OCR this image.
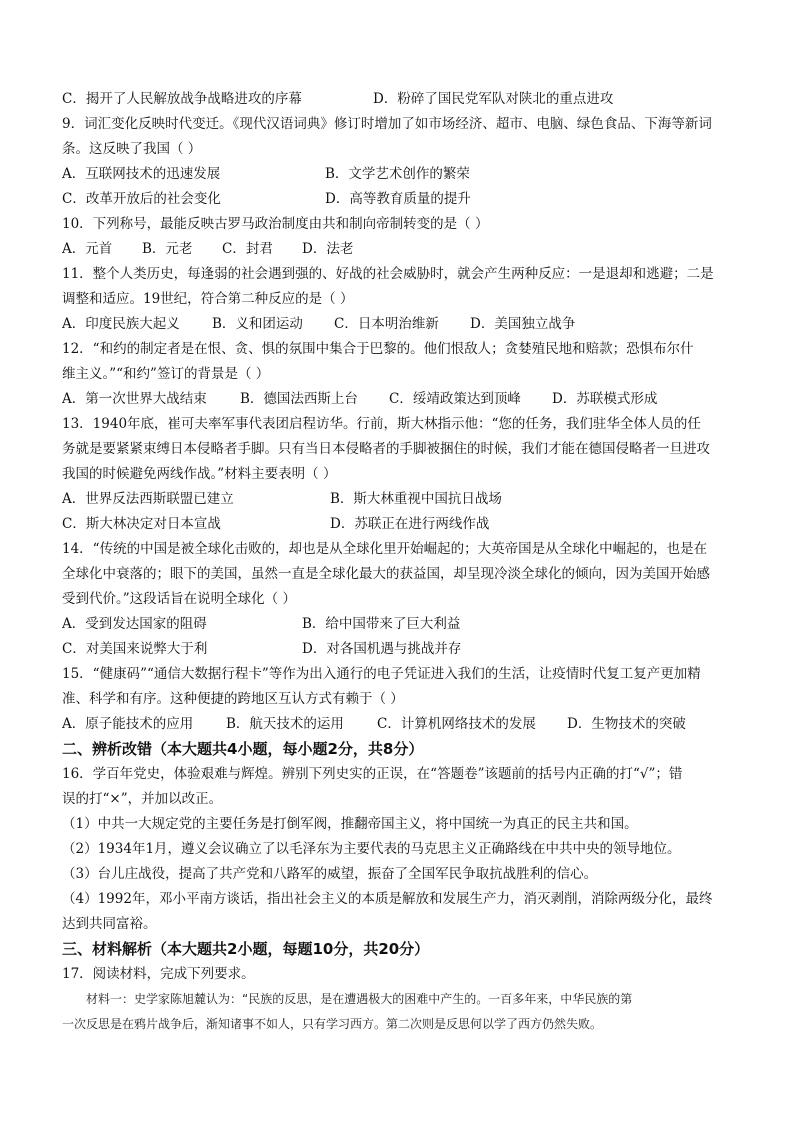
C．揭开了人民解放战争战略进攻的序幕	D．粉碎了国民党军队对陕北的重点进攻
9．词汇变化反映时代变迁。《现代汉语词典》修订时增加了如市场经济、超市、电脑、绿色食品、下海等新词
条。这反映了我国（ ）
A．互联网技术的迅速发展	B．文学艺术创作的繁荣
C．改革开放后的社会变化	D．高等教育质量的提升
10．下列称号，最能反映古罗马政治制度由共和制向帝制转变的是（ ）
A．元首 B．元老 C．封君 D．法老
11．整个人类历史，每逢弱的社会遇到强的、好战的社会威胁时，就会产生两种反应：一是退却和逃避；二是
调整和适应。19世纪，符合第二种反应的是（ ）
A．印度民族大起义 B．义和团运动 C．日本明治维新 D．美国独立战争
12．“和约的制定者是在恨、贪、惧的氛围中集合于巴黎的。他们恨敌人；贪婪殖民地和赔款；恐惧布尔什
维主义。”“和约”签订的背景是（ ）
A．第一次世界大战结束 B．德国法西斯上台 C．绥靖政策达到顶峰 D．苏联模式形成
13．1940年底，崔可夫率军事代表团启程访华。行前，斯大林指示他：“您的任务，我们驻华全体人员的任
务就是要紧紧束缚日本侵略者手脚。只有当日本侵略者的手脚被捆住的时候，我们才能在德国侵略者一旦进攻
我国的时候避免两线作战。”材料主要表明（ ）
A．世界反法西斯联盟已建立	B．斯大林重视中国抗日战场
C．斯大林决定对日本宣战	D．苏联正在进行两线作战
14．“传统的中国是被全球化击败的，却也是从全球化里开始崛起的；大英帝国是从全球化中崛起的，也是在
全球化中衰落的；眼下的美国，虽然一直是全球化最大的获益国，却呈现冷淡全球化的倾向，因为美国开始感
受到代价。”这段话旨在说明全球化（ ）
A．受到发达国家的阻碍	B．给中国带来了巨大利益
C．对美国来说弊大于利	D．对各国机遇与挑战并存
15．“健康码”“通信大数据行程卡”等作为出入通行的电子凭证进入我们的生活，让疫情时代复工复产更加精
准、科学和有序。这种便捷的跨地区互认方式有赖于（ ）
A．原子能技术的应用 B．航天技术的运用 C．计算机网络技术的发展 D．生物技术的突破
二、辨析改错（本大题共4小题，每小题2分，共8分）
16．学百年党史，体验艰难与辉煌。辨别下列史实的正误，在“答题卷”该题前的括号内正确的打“√”；错
误的打“×”，并加以改正。
（1）中共一大规定党的主要任务是打倒军阀，推翻帝国主义，将中国统一为真正的民主共和国。
（2）1934年1月，遵义会议确立了以毛泽东为主要代表的马克思主义正确路线在中共中央的领导地位。
（3）台儿庄战役，提高了共产党和八路军的威望，振奋了全国军民争取抗战胜利的信心。
（4）1992年，邓小平南方谈话，指出社会主义的本质是解放和发展生产力，消灭剥削，消除两级分化，最终
达到共同富裕。
三、材料解析（本大题共2小题，每题10分，共20分）
17．阅读材料，完成下列要求。
材料一：史学家陈旭麓认为：“民族的反思，是在遭遇极大的困难中产生的。一百多年来，中华民族的第
一次反思是在鸦片战争后，渐知诸事不如人，只有学习西方。第二次则是反思何以学了西方仍然失败。
